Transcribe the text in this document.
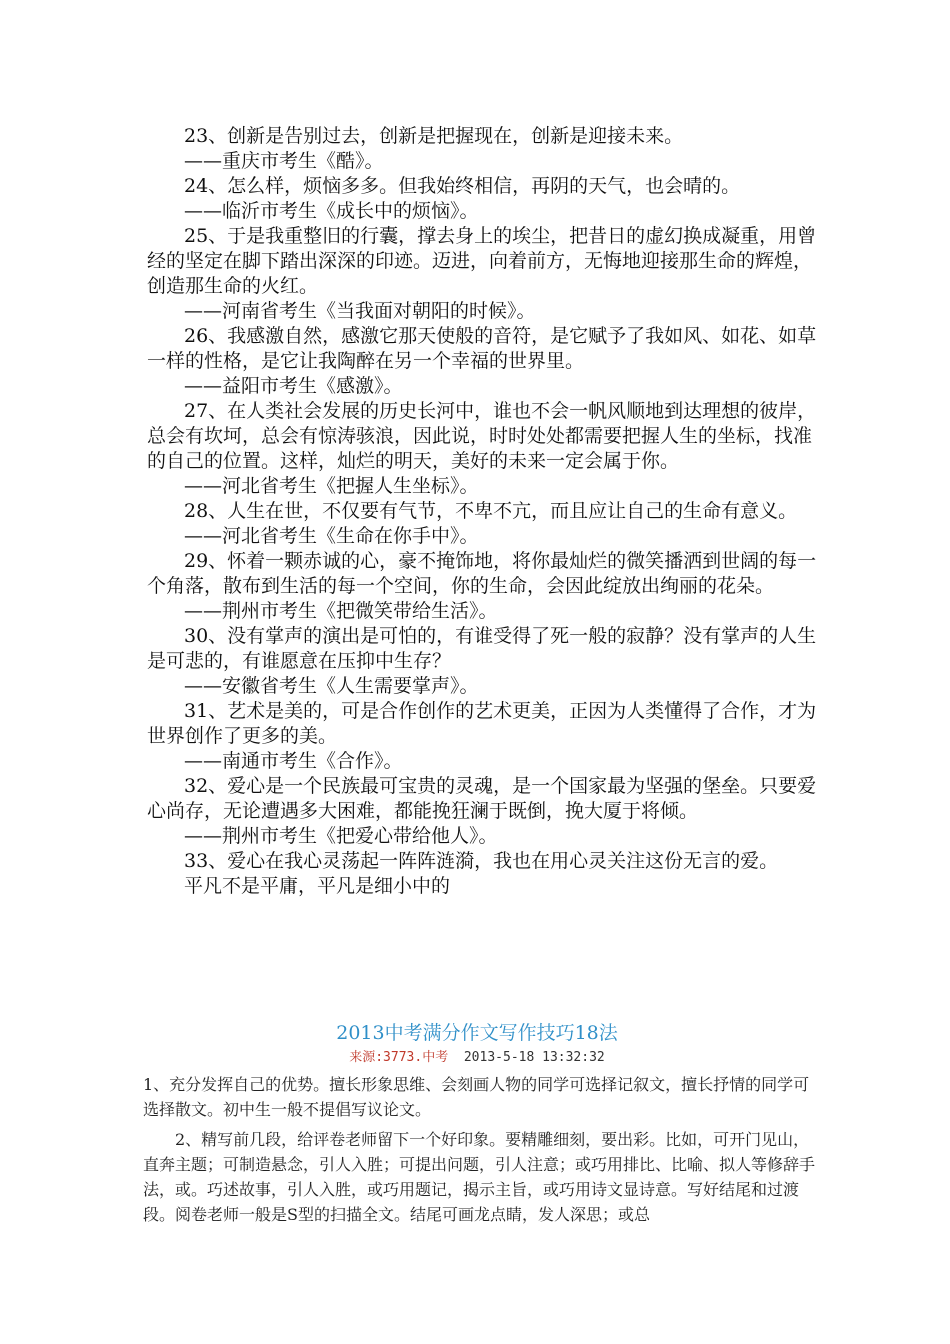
23、创新是告别过去，创新是把握现在，创新是迎接未来。

——重庆市考生《酷》。

24、怎么样，烦恼多多。但我始终相信，再阴的天气，也会晴的。

——临沂市考生《成长中的烦恼》。

25、于是我重整旧的行囊，撑去身上的埃尘，把昔日的虚幻换成凝重，用曾经的坚定在脚下踏出深深的印迹。迈进，向着前方，无悔地迎接那生命的辉煌，创造那生命的火红。

——河南省考生《当我面对朝阳的时候》。

26、我感激自然，感激它那天使般的音符，是它赋予了我如风、如花、如草一样的性格，是它让我陶醉在另一个幸福的世界里。

——益阳市考生《感激》。

27、在人类社会发展的历史长河中，谁也不会一帆风顺地到达理想的彼岸，总会有坎坷，总会有惊涛骇浪，因此说，时时处处都需要把握人生的坐标，找准的自己的位置。这样，灿烂的明天，美好的未来一定会属于你。

——河北省考生《把握人生坐标》。

28、人生在世，不仅要有气节，不卑不亢，而且应让自己的生命有意义。

——河北省考生《生命在你手中》。

29、怀着一颗赤诚的心，豪不掩饰地，将你最灿烂的微笑播洒到世阔的每一个角落，散布到生活的每一个空间，你的生命，会因此绽放出绚丽的花朵。

——荆州市考生《把微笑带给生活》。

30、没有掌声的演出是可怕的，有谁受得了死一般的寂静？没有掌声的人生是可悲的，有谁愿意在压抑中生存？

——安徽省考生《人生需要掌声》。

31、艺术是美的，可是合作创作的艺术更美，正因为人类懂得了合作，才为世界创作了更多的美。

——南通市考生《合作》。

32、爱心是一个民族最可宝贵的灵魂，是一个国家最为坚强的堡垒。只要爱心尚存，无论遭遇多大困难，都能挽狂澜于既倒，挽大厦于将倾。

——荆州市考生《把爱心带给他人》。

33、爱心在我心灵荡起一阵阵涟漪，我也在用心灵关注这份无言的爱。

平凡不是平庸，平凡是细小中的

2013中考满分作文写作技巧18法
来源:3773.中考 2013-5-18 13:32:32

1、充分发挥自己的优势。擅长形象思维、会刻画人物的同学可选择记叙文，擅长抒情的同学可选择散文。初中生一般不提倡写议论文。

2、精写前几段，给评卷老师留下一个好印象。要精雕细刻，要出彩。比如，可开门见山，直奔主题；可制造悬念，引人入胜；可提出问题，引人注意；或巧用排比、比喻、拟人等修辞手法，或。巧述故事，引人入胜，或巧用题记，揭示主旨，或巧用诗文显诗意。写好结尾和过渡段。阅卷老师一般是S型的扫描全文。结尾可画龙点睛，发人深思；或总
